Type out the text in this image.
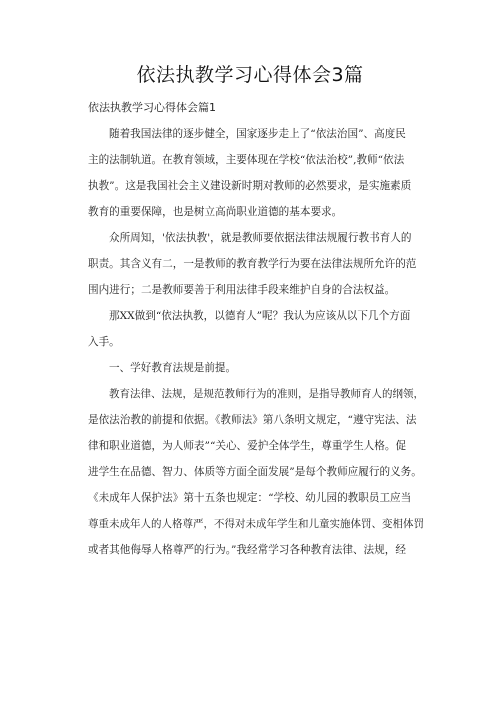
依法执教学习心得体会3篇
依法执教学习心得体会篇1
随着我国法律的逐步健全，国家逐步走上了“依法治国”、高度民
主的法制轨道。在教育领域，主要体现在学校“依法治校”,教师“依法
执教”。这是我国社会主义建设新时期对教师的必然要求，是实施素质
教育的重要保障，也是树立高尚职业道德的基本要求。
众所周知，'依法执教'，就是教师要依据法律法规履行教书育人的
职责。其含义有二，一是教师的教育教学行为要在法律法规所允许的范
围内进行；二是教师要善于利用法律手段来维护自身的合法权益。
那XX做到“依法执教，以德育人”呢？我认为应该从以下几个方面
入手。
一、学好教育法规是前提。
教育法律、法规，是规范教师行为的准则，是指导教师育人的纲领，
是依法治教的前提和依据。《教师法》第八条明文规定，“遵守宪法、法
律和职业道德，为人师表”“关心、爱护全体学生，尊重学生人格。促
进学生在品德、智力、体质等方面全面发展”是每个教师应履行的义务。
《未成年人保护法》第十五条也规定：“学校、幼儿园的教职员工应当
尊重未成年人的人格尊严，不得对未成年学生和儿童实施体罚、变相体罚
或者其他侮辱人格尊严的行为。”我经常学习各种教育法律、法规，经
